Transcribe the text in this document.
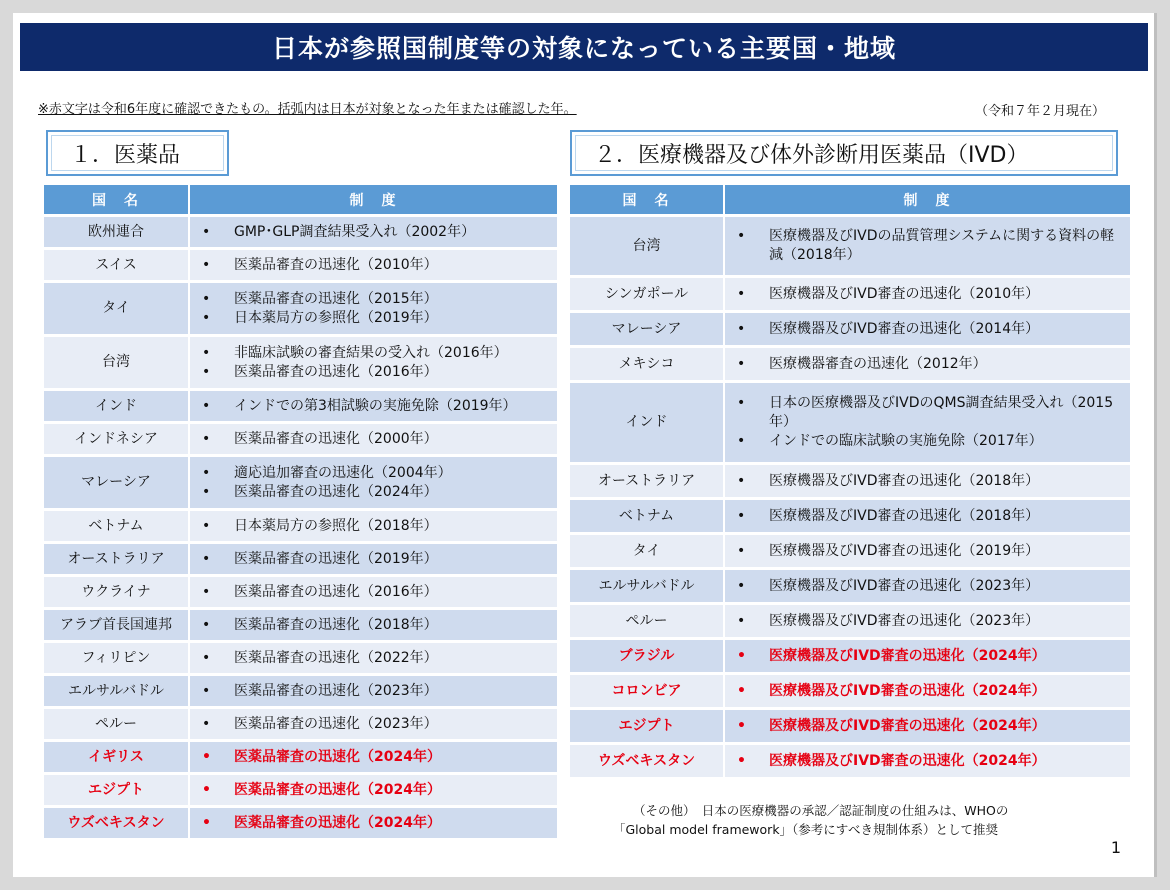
日本が参照国制度等の対象になっている主要国・地域
※赤文字は令和6年度に確認できたもの。括弧内は日本が対象となった年または確認した年。	（令和７年２月現在）
１．医薬品	２．医療機器及び体外診断用医薬品（IVD）
国　名	制　度
欧州連合	• GMP･GLP調査結果受入れ（2002年）

スイス	• 医薬品審査の迅速化（2010年）

タイ	• 医薬品審査の迅速化（2015年）
• 日本薬局方の参照化（2019年）

台湾	• 非臨床試験の審査結果の受入れ（2016年）
• 医薬品審査の迅速化（2016年）

インド	• インドでの第3相試験の実施免除（2019年）

インドネシア	• 医薬品審査の迅速化（2000年）

マレーシア	• 適応追加審査の迅速化（2004年）
• 医薬品審査の迅速化（2024年）

ベトナム	• 日本薬局方の参照化（2018年）

オーストラリア	• 医薬品審査の迅速化（2019年）

ウクライナ	• 医薬品審査の迅速化（2016年）

アラブ首長国連邦	• 医薬品審査の迅速化（2018年）

フィリピン	• 医薬品審査の迅速化（2022年）

エルサルバドル	• 医薬品審査の迅速化（2023年）

ペルー	• 医薬品審査の迅速化（2023年）

イギリス	• 医薬品審査の迅速化（2024年）

エジプト	• 医薬品審査の迅速化（2024年）

ウズベキスタン	• 医薬品審査の迅速化（2024年）
国　名	制　度
台湾	• 医療機器及びIVDの品質管理システムに関する資料の軽減（2018年）

シンガポール	• 医療機器及びIVD審査の迅速化（2010年）

マレーシア	• 医療機器及びIVD審査の迅速化（2014年）

メキシコ	• 医療機器審査の迅速化（2012年）

インド	• 日本の医療機器及びIVDのQMS調査結果受入れ（2015年）
• インドでの臨床試験の実施免除（2017年）

オーストラリア	• 医療機器及びIVD審査の迅速化（2018年）

ベトナム	• 医療機器及びIVD審査の迅速化（2018年）

タイ	• 医療機器及びIVD審査の迅速化（2019年）

エルサルバドル	• 医療機器及びIVD審査の迅速化（2023年）

ペルー	• 医療機器及びIVD審査の迅速化（2023年）

ブラジル	• 医療機器及びIVD審査の迅速化（2024年）

コロンビア	• 医療機器及びIVD審査の迅速化（2024年）

エジプト	• 医療機器及びIVD審査の迅速化（2024年）

ウズベキスタン	• 医療機器及びIVD審査の迅速化（2024年）
（その他）　日本の医療機器の承認／認証制度の仕組みは、WHOの
「Global model framework」（参考にすべき規制体系）として推奨
1
